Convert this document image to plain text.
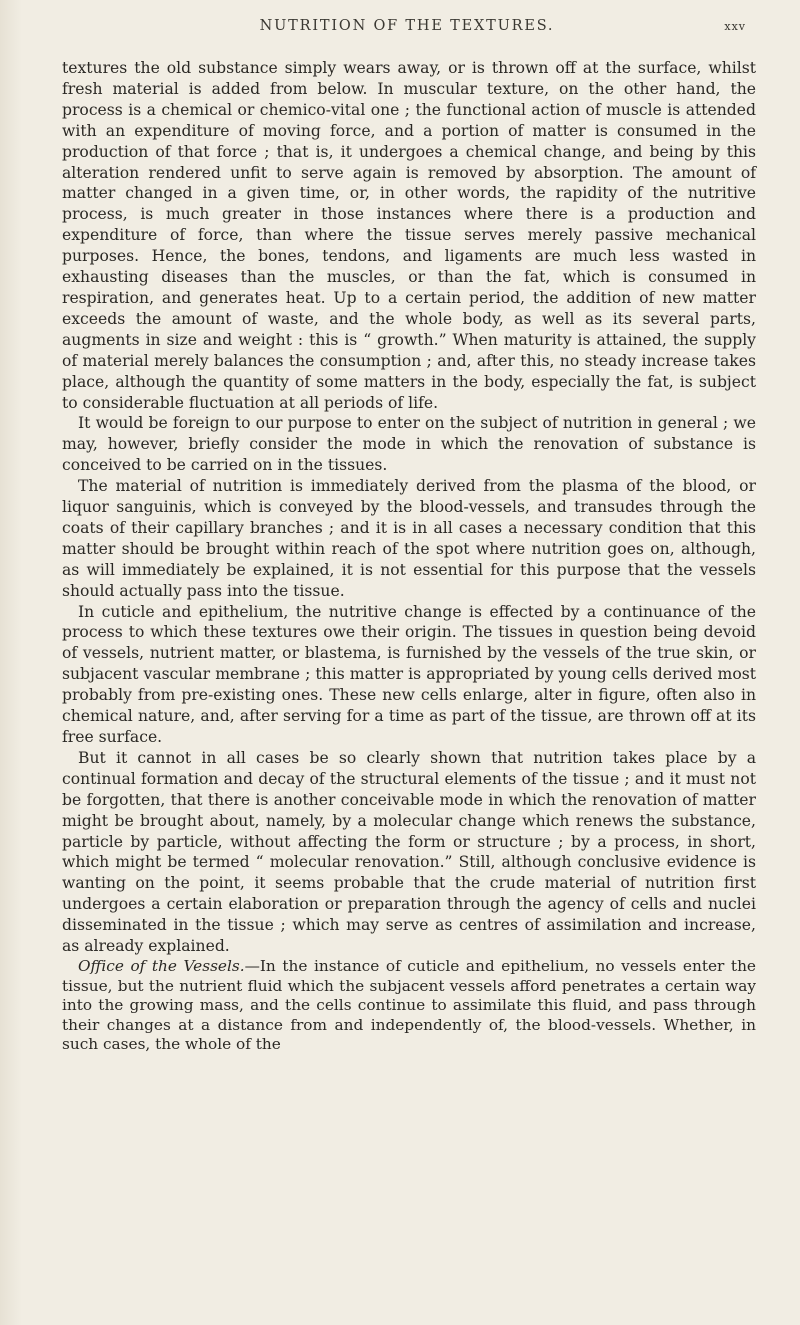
NUTRITION OF THE TEXTURES.	xxv

textures the old substance simply wears away, or is thrown off at the surface, whilst fresh material is added from below. In muscular texture, on the other hand, the process is a chemical or chemico-vital one ; the functional action of muscle is attended with an expenditure of moving force, and a portion of matter is consumed in the production of that force ; that is, it undergoes a chemical change, and being by this alteration rendered unfit to serve again is removed by absorption. The amount of matter changed in a given time, or, in other words, the rapidity of the nutritive process, is much greater in those instances where there is a production and expenditure of force, than where the tissue serves merely passive mechanical purposes. Hence, the bones, tendons, and ligaments are much less wasted in exhausting diseases than the muscles, or than the fat, which is consumed in respiration, and generates heat. Up to a certain period, the addition of new matter exceeds the amount of waste, and the whole body, as well as its several parts, augments in size and weight : this is “ growth.” When maturity is attained, the supply of material merely balances the consumption ; and, after this, no steady increase takes place, although the quantity of some matters in the body, especially the fat, is subject to considerable fluctuation at all periods of life.

It would be foreign to our purpose to enter on the subject of nutrition in general ; we may, however, briefly consider the mode in which the renovation of substance is conceived to be carried on in the tissues.

The material of nutrition is immediately derived from the plasma of the blood, or liquor sanguinis, which is conveyed by the blood-vessels, and transudes through the coats of their capillary branches ; and it is in all cases a necessary condition that this matter should be brought within reach of the spot where nutrition goes on, although, as will immediately be explained, it is not essential for this purpose that the vessels should actually pass into the tissue.

In cuticle and epithelium, the nutritive change is effected by a continuance of the process to which these textures owe their origin. The tissues in question being devoid of vessels, nutrient matter, or blastema, is furnished by the vessels of the true skin, or subjacent vascular membrane ; this matter is appropriated by young cells derived most probably from pre-existing ones. These new cells enlarge, alter in figure, often also in chemical nature, and, after serving for a time as part of the tissue, are thrown off at its free surface.

But it cannot in all cases be so clearly shown that nutrition takes place by a continual formation and decay of the structural elements of the tissue ; and it must not be forgotten, that there is another conceivable mode in which the renovation of matter might be brought about, namely, by a molecular change which renews the substance, particle by particle, without affecting the form or structure ; by a process, in short, which might be termed “ molecular renovation.” Still, although conclusive evidence is wanting on the point, it seems probable that the crude material of nutrition first undergoes a certain elaboration or preparation through the agency of cells and nuclei disseminated in the tissue ; which may serve as centres of assimilation and increase, as already explained.

Office of the Vessels.—In the instance of cuticle and epithelium, no vessels enter the tissue, but the nutrient fluid which the subjacent vessels afford penetrates a certain way into the growing mass, and the cells continue to assimilate this fluid, and pass through their changes at a distance from and independently of, the blood-vessels. Whether, in such cases, the whole of the
